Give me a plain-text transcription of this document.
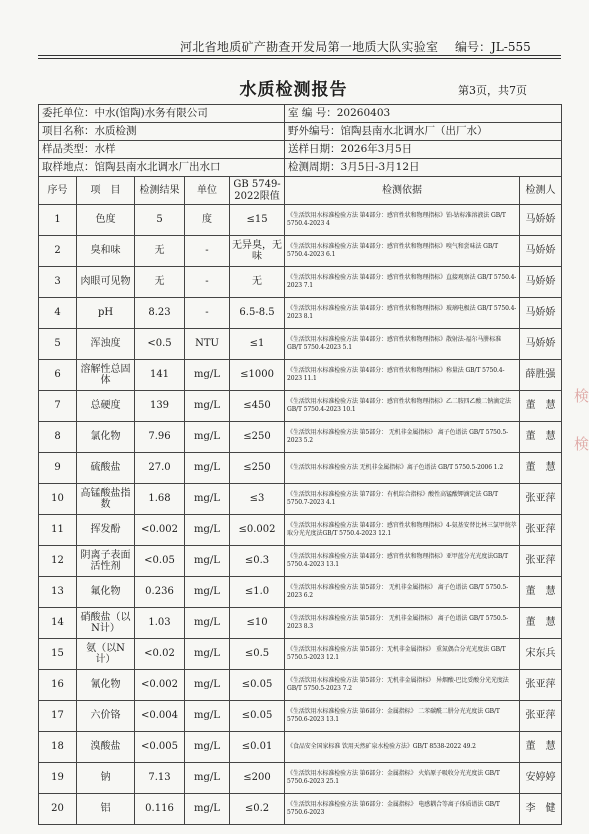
河北省地质矿产勘查开发局第一地质大队实验室 编号：JL-555
水质检测报告	第3页，共7页
委托单位：中水(馆陶)水务有限公司					室 编 号：20260403	
项目名称：水质检测					野外编号：馆陶县南水北调水厂（出厂水）	
样品类型：水样					送样日期：2026年3月5日	
取样地点：馆陶县南水北调水厂出水口					检测周期：3月5日-3月12日	
序号	项　目	检测结果	单位	GB 5749-2022限值	检测依据	检测人
1	色度	5	度	≤15	《生活饮用水标准检验方法 第4部分：感官性状和物理指标》铂-钴标准溶液法 GB/T 5750.4-2023 4	马娇娇
2	臭和味	无	-	无异臭，无味	《生活饮用水标准检验方法 第4部分：感官性状和物理指标》嗅气和尝味法 GB/T 5750.4-2023 6.1	马娇娇
3	肉眼可见物	无	-	无	《生活饮用水标准检验方法 第4部分：感官性状和物理指标》直接观察法 GB/T 5750.4-2023 7.1	马娇娇
4	pH	8.23	-	6.5-8.5	《生活饮用水标准检验方法 第4部分：感官性状和物理指标》玻璃电极法 GB/T 5750.4-2023 8.1	马娇娇
5	浑浊度	<0.5	NTU	≤1	《生活饮用水标准检验方法 第4部分：感官性状和物理指标》散射法-福尔马肼标准 GB/T 5750.4-2023 5.1	马娇娇
6	溶解性总固体	141	mg/L	≤1000	《生活饮用水标准检验方法 第4部分：感官性状和物理指标》称量法 GB/T 5750.4-2023 11.1	薛胜强
7	总硬度	139	mg/L	≤450	《生活饮用水标准检验方法 第4部分：感官性状和物理指标》乙二胺四乙酸二钠滴定法 GB/T 5750.4-2023 10.1	董　慧
8	氯化物	7.96	mg/L	≤250	《生活饮用水标准检验方法 第5部分： 无机非金属指标》 离子色谱法 GB/T 5750.5-2023 5.2	董　慧
9	硫酸盐	27.0	mg/L	≤250	《生活饮用水标准检验方法 无机非金属指标》离子色谱法 GB/T 5750.5-2006 1.2	董　慧
10	高锰酸盐指数	1.68	mg/L	≤3	《生活饮用水标准检验方法 第7部分：有机综合指标》酸性高锰酸钾滴定法 GB/T 5750.7-2023 4.1	张亚萍
11	挥发酚	<0.002	mg/L	≤0.002	《生活饮用水标准检验方法 第4部分：感官性状和物理指标》4-氨基安替比林三氯甲烷萃取分光光度法GB/T 5750.4-2023 12.1	张亚萍
12	阴离子表面活性剂	<0.05	mg/L	≤0.3	《生活饮用水标准检验方法 第4部分：感官性状和物理指标》亚甲蓝分光光度法GB/T 5750.4-2023 13.1	张亚萍
13	氟化物	0.236	mg/L	≤1.0	《生活饮用水标准检验方法 第5部分： 无机非金属指标》 离子色谱法 GB/T 5750.5-2023 6.2	董　慧
14	硝酸盐（以N计）	1.03	mg/L	≤10	《生活饮用水标准检验方法 第5部分： 无机非金属指标》 离子色谱法 GB/T 5750.5-2023 8.3	董　慧
15	氨（以N计）	<0.02	mg/L	≤0.5	《生活饮用水标准检验方法 第5部分：无机非金属指标》 重氮偶合分光光度法 GB/T 5750.5-2023 12.1	宋东兵
16	氰化物	<0.002	mg/L	≤0.05	《生活饮用水标准检验方法 第5部分：无机非金属指标》 异烟酸-巴比妥酸分光光度法 GB/T 5750.5-2023 7.2	张亚萍
17	六价铬	<0.004	mg/L	≤0.05	《生活饮用水标准检验方法 第6部分：金属指标》 二苯碳酰二肼分光光度法 GB/T 5750.6-2023 13.1	张亚萍
18	溴酸盐	<0.005	mg/L	≤0.01	《食品安全国家标准 饮用天然矿泉水检验方法》GB/T 8538-2022 49.2	董　慧
19	钠	7.13	mg/L	≤200	《生活饮用水标准检验方法 第6部分：金属指标》 火焰原子吸收分光光度法 GB/T 5750.6-2023 25.1	安婷婷
20	铝	0.116	mg/L	≤0.2	《生活饮用水标准检验方法 第6部分：金属指标》 电感耦合等离子体质谱法 GB/T 5750.6-2023	李　健
検
検
